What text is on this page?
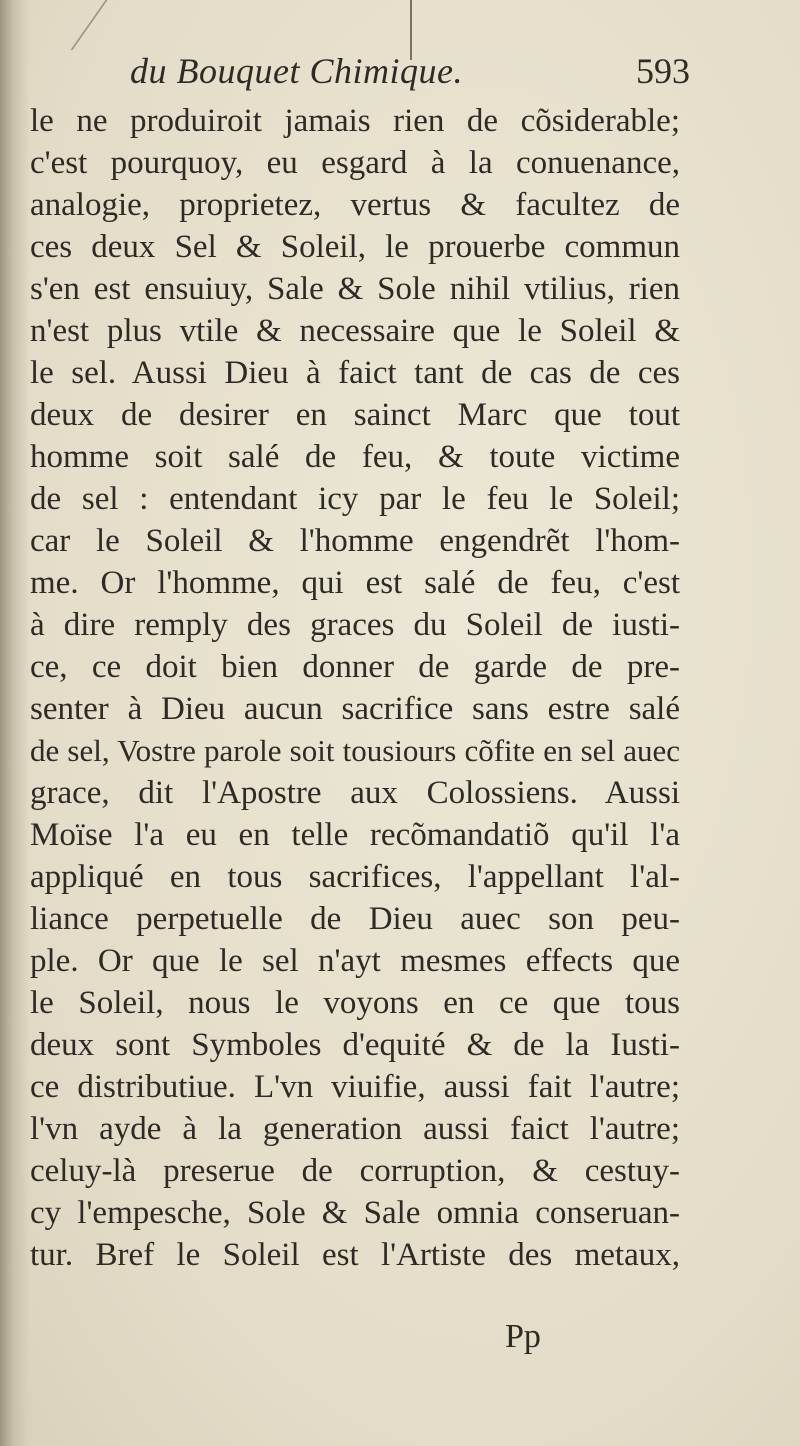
du Bouquet Chimique.	593
le ne produiroit jamais rien de cõsiderable;
c'est pourquoy, eu esgard à la conuenance,
analogie, proprietez, vertus & facultez de
ces deux Sel & Soleil, le prouerbe commun
s'en est ensuiuy, Sale & Sole nihil vtilius, rien
n'est plus vtile & necessaire que le Soleil &
le sel. Aussi Dieu à faict tant de cas de ces
deux de desirer en sainct Marc que tout
homme soit salé de feu, & toute victime
de sel : entendant icy par le feu le Soleil;
car le Soleil & l'homme engendrẽt l'hom-
me. Or l'homme, qui est salé de feu, c'est
à dire remply des graces du Soleil de iusti-
ce, ce doit bien donner de garde de pre-
senter à Dieu aucun sacrifice sans estre salé
de sel, Vostre parole soit tousiours cõfite en sel auec
grace, dit l'Apostre aux Colossiens. Aussi
Moïse l'a eu en telle recõmandatiõ qu'il l'a
appliqué en tous sacrifices, l'appellant l'al-
liance perpetuelle de Dieu auec son peu-
ple. Or que le sel n'ayt mesmes effects que
le Soleil, nous le voyons en ce que tous
deux sont Symboles d'equité & de la Iusti-
ce distributiue. L'vn viuifie, aussi fait l'autre;
l'vn ayde à la generation aussi faict l'autre;
celuy-là preserue de corruption, & cestuy-
cy l'empesche, Sole & Sale omnia conseruan-
tur. Bref le Soleil est l'Artiste des metaux,
Pp
